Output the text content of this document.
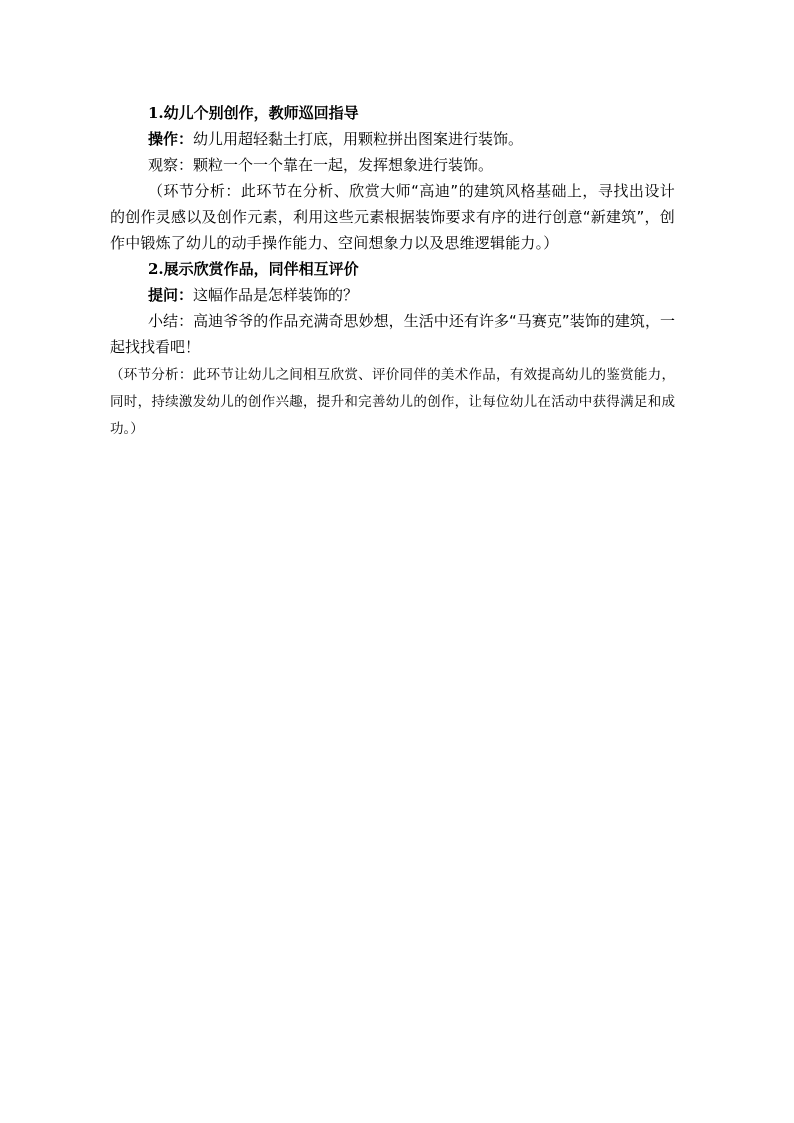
1.幼儿个别创作，教师巡回指导

操作：幼儿用超轻黏土打底，用颗粒拼出图案进行装饰。

观察：颗粒一个一个靠在一起，发挥想象进行装饰。

（环节分析：此环节在分析、欣赏大师“高迪”的建筑风格基础上，寻找出设计的创作灵感以及创作元素，利用这些元素根据装饰要求有序的进行创意“新建筑”，创作中锻炼了幼儿的动手操作能力、空间想象力以及思维逻辑能力。）

2.展示欣赏作品，同伴相互评价

提问：这幅作品是怎样装饰的？

小结：高迪爷爷的作品充满奇思妙想，生活中还有许多“马赛克”装饰的建筑，一起找找看吧！

（环节分析：此环节让幼儿之间相互欣赏、评价同伴的美术作品，有效提高幼儿的鉴赏能力，同时，持续激发幼儿的创作兴趣，提升和完善幼儿的创作，让每位幼儿在活动中获得满足和成功。）
